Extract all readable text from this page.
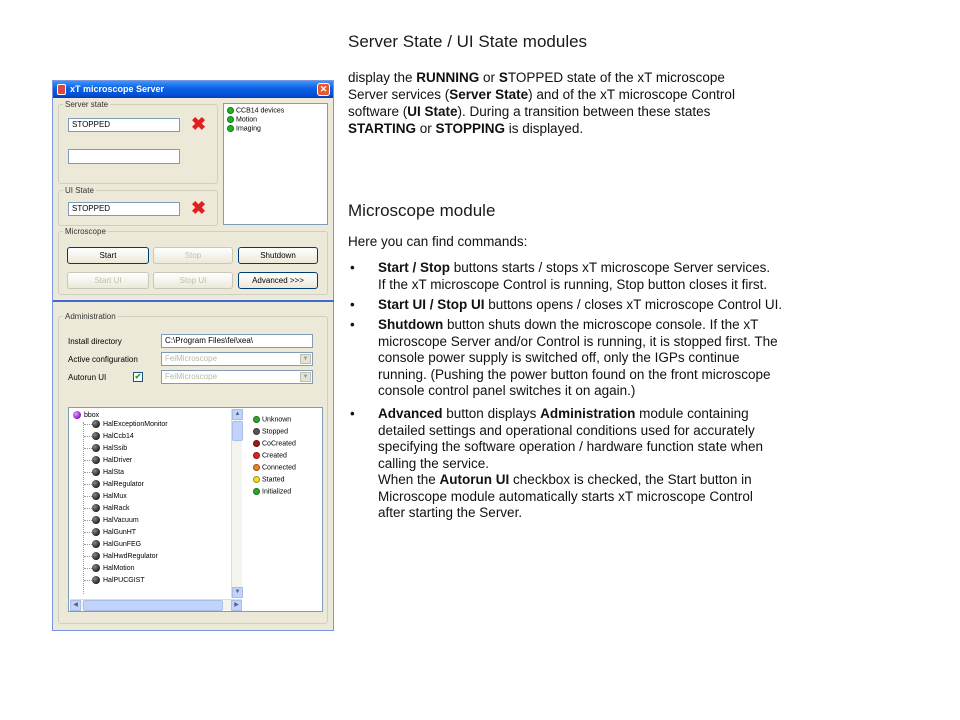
xT microscope Server	✕
Server state
STOPPED	✖
CCB14 devices
Motion
Imaging
UI State
STOPPED	✖
Microscope
Start	Stop	Shutdown
Start UI	Stop UI	Advanced >>>
Administration
Install directory	C:\Program Files\fei\xea\
Active configuration	FeiMicroscope	▼
Autorun UI	✔	FeiMicroscope	▼
bbox
HalExceptionMonitor
HalCcb14
HalSsib
HalDriver
HalSta
HalRegulator
HalMux
HalRack
HalVacuum
HalGunHT
HalGunFEG
HalHwdRegulator
HalMotion
HalPUCGIST
▲
▼
◀	▶
Unknown
Stopped
CoCreated
Created
Connected
Started
Initialized
Server State / UI State modules
display the RUNNING or STOPPED state of the xT microscope
Server services (Server State) and of the xT microscope Control
software (UI State). During a transition between these states
STARTING or STOPPING is displayed.
Microscope module
Here you can find commands:
• Start / Stop buttons starts / stops xT microscope Server services.
If the xT microscope Control is running, Stop button closes it first.
• Start UI / Stop UI buttons opens / closes xT microscope Control UI.
• Shutdown button shuts down the microscope console. If the xT
microscope Server and/or Control is running, it is stopped first. The
console power supply is switched off, only the IGPs continue
running. (Pushing the power button found on the front microscope
console control panel switches it on again.)
• Advanced button displays Administration module containing
detailed settings and operational conditions used for accurately
specifying the software operation / hardware function state when
calling the service.
When the Autorun UI checkbox is checked, the Start button in
Microscope module automatically starts xT microscope Control
after starting the Server.
